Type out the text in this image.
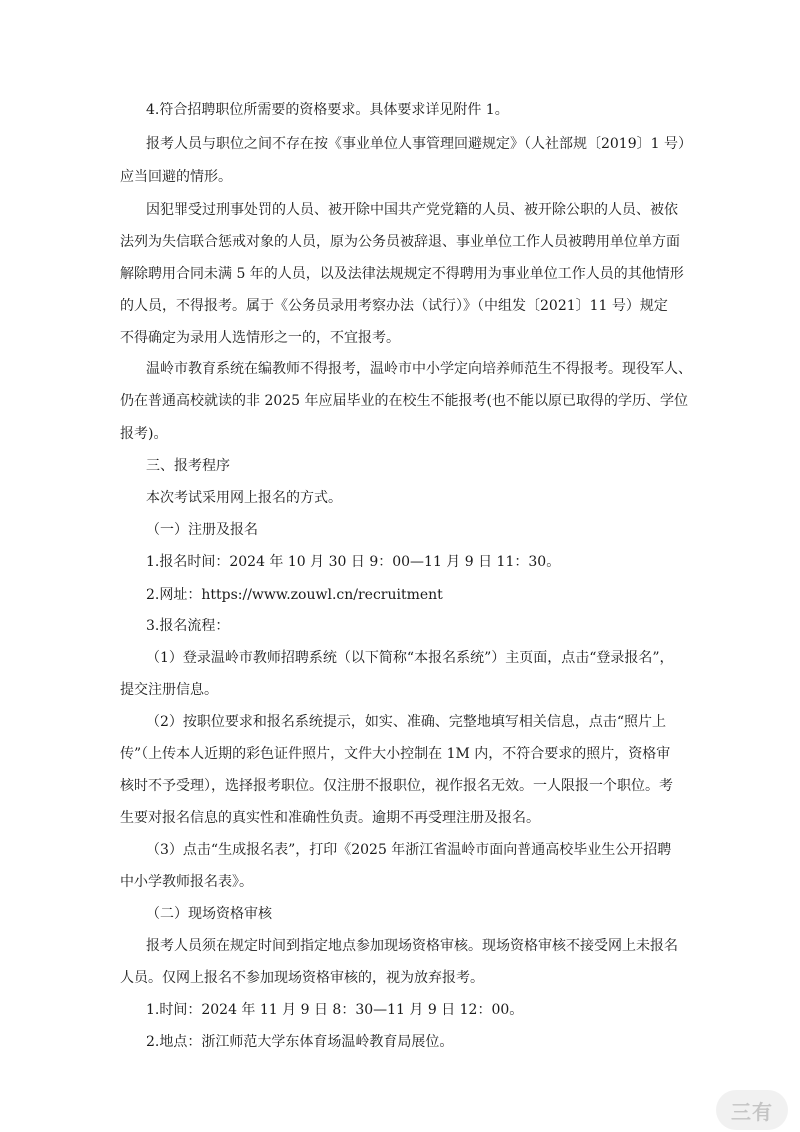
4.符合招聘职位所需要的资格要求。具体要求详见附件 1。
报考人员与职位之间不存在按《事业单位人事管理回避规定》（人社部规〔2019〕1 号）
应当回避的情形。
因犯罪受过刑事处罚的人员、被开除中国共产党党籍的人员、被开除公职的人员、被依
法列为失信联合惩戒对象的人员，原为公务员被辞退、事业单位工作人员被聘用单位单方面
解除聘用合同未满 5 年的人员，以及法律法规规定不得聘用为事业单位工作人员的其他情形
的人员，不得报考。属于《公务员录用考察办法（试行）》（中组发〔2021〕11 号）规定
不得确定为录用人选情形之一的，不宜报考。
温岭市教育系统在编教师不得报考，温岭市中小学定向培养师范生不得报考。现役军人、
仍在普通高校就读的非 2025 年应届毕业的在校生不能报考(也不能以原已取得的学历、学位
报考)。
三、报考程序
本次考试采用网上报名的方式。
（一）注册及报名
1.报名时间：2024 年 10 月 30 日 9：00—11 月 9 日 11：30。
2.网址：https://www.zouwl.cn/recruitment
3.报名流程：
（1）登录温岭市教师招聘系统（以下简称“本报名系统”）主页面，点击“登录报名”，
提交注册信息。
（2）按职位要求和报名系统提示，如实、准确、完整地填写相关信息，点击“照片上
传”（上传本人近期的彩色证件照片，文件大小控制在 1M 内，不符合要求的照片，资格审
核时不予受理），选择报考职位。仅注册不报职位，视作报名无效。一人限报一个职位。考
生要对报名信息的真实性和准确性负责。逾期不再受理注册及报名。
（3）点击“生成报名表”，打印《2025 年浙江省温岭市面向普通高校毕业生公开招聘
中小学教师报名表》。
（二）现场资格审核
报考人员须在规定时间到指定地点参加现场资格审核。现场资格审核不接受网上未报名
人员。仅网上报名不参加现场资格审核的，视为放弃报考。
1.时间：2024 年 11 月 9 日 8：30—11 月 9 日 12：00。
2.地点：浙江师范大学东体育场温岭教育局展位。
三有
